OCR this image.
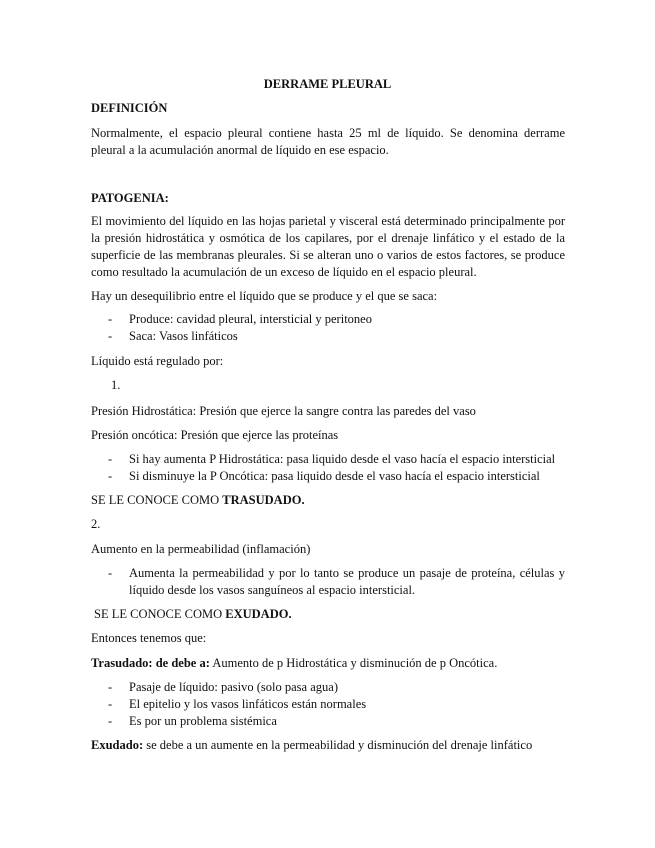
DERRAME PLEURAL
DEFINICIÓN
Normalmente, el espacio pleural contiene hasta 25 ml de líquido. Se denomina derrame pleural a la acumulación anormal de líquido en ese espacio.
PATOGENIA:
El movimiento del líquido en las hojas parietal y visceral está determinado principalmente por la presión hidrostática y osmótica de los capilares, por el drenaje linfático y el estado de la superficie de las membranas pleurales. Si se alteran uno o varios de estos factores, se produce como resultado la acumulación de un exceso de líquido en el espacio pleural.
Hay un desequilibrio entre el líquido que se produce y el que se saca:
- Produce: cavidad pleural, intersticial y peritoneo
- Saca: Vasos linfáticos
Líquido está regulado por:
1.
Presión Hidrostática: Presión que ejerce la sangre contra las paredes del vaso
Presión oncótica: Presión que ejerce las proteínas
- Si hay aumenta P Hidrostática: pasa liquido desde el vaso hacía el espacio intersticial
- Si disminuye la P Oncótica: pasa liquido desde el vaso hacía el espacio intersticial
SE LE CONOCE COMO TRASUDADO.
2.
Aumento en la permeabilidad (inflamación)
- Aumenta la permeabilidad y por lo tanto se produce un pasaje de proteína, células y líquido desde los vasos sanguíneos al espacio intersticial.
SE LE CONOCE COMO EXUDADO.
Entonces tenemos que:
Trasudado: de debe a: Aumento de p Hidrostática y disminución de p Oncótica.
- Pasaje de líquido: pasivo (solo pasa agua)
- El epitelio y los vasos linfáticos están normales
- Es por un problema sistémica
Exudado: se debe a un aumente en la permeabilidad y disminución del drenaje linfático
